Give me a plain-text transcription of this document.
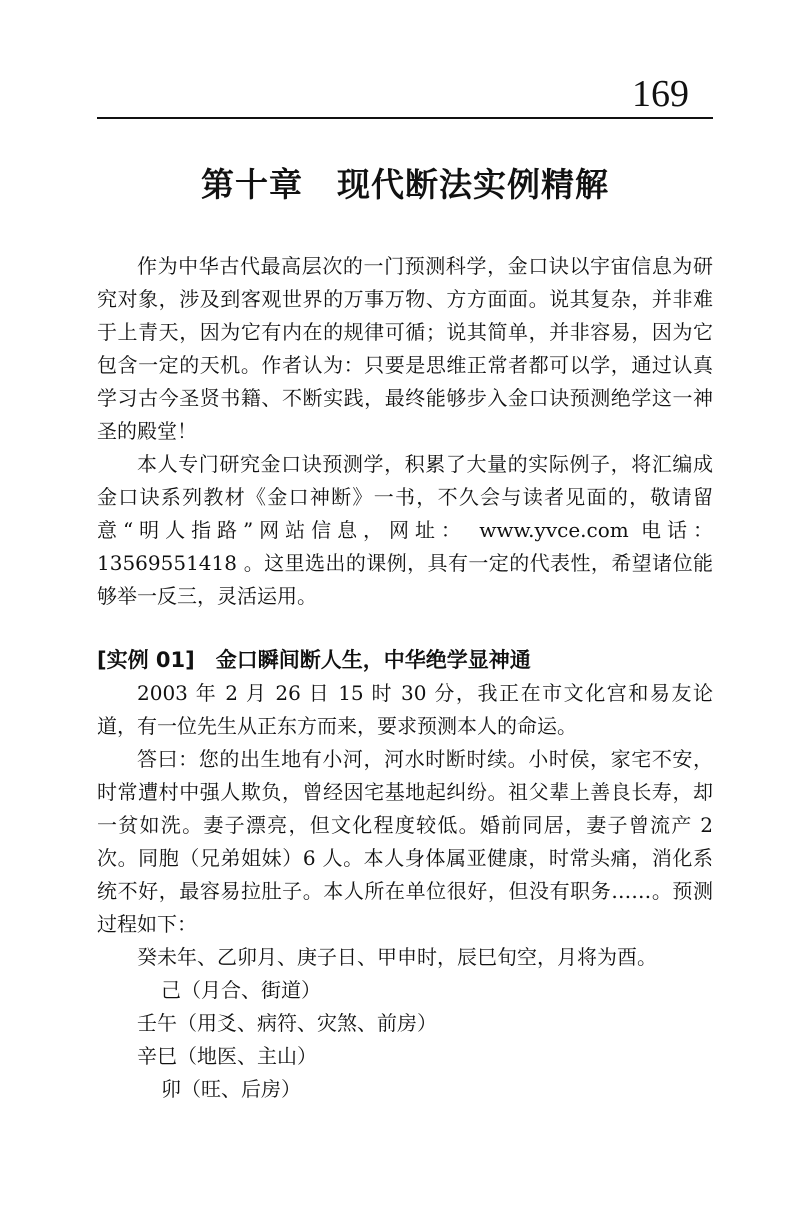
169
第十章　现代断法实例精解

作为中华古代最高层次的一门预测科学，金口诀以宇宙信息为研究对象，涉及到客观世界的万事万物、方方面面。说其复杂，并非难于上青天，因为它有内在的规律可循；说其简单，并非容易，因为它包含一定的天机。作者认为：只要是思维正常者都可以学，通过认真学习古今圣贤书籍、不断实践，最终能够步入金口诀预测绝学这一神圣的殿堂！

本人专门研究金口诀预测学，积累了大量的实际例子，将汇编成金口诀系列教材《金口神断》一书，不久会与读者见面的，敬请留意“明人指路”网站信息，网址： www.yvce.com 电话：13569551418 。这里选出的课例，具有一定的代表性，希望诸位能够举一反三，灵活运用。

[实例 01]　 金口瞬间断人生，中华绝学显神通

2003 年 2 月 26 日 15 时 30 分，我正在市文化宫和易友论道，有一位先生从正东方而来，要求预测本人的命运。

答曰：您的出生地有小河，河水时断时续。小时侯，家宅不安，时常遭村中强人欺负，曾经因宅基地起纠纷。祖父辈上善良长寿，却一贫如洗。妻子漂亮，但文化程度较低。婚前同居，妻子曾流产 2 次。同胞（兄弟姐妹）6 人。本人身体属亚健康，时常头痛，消化系统不好，最容易拉肚子。本人所在单位很好，但没有职务……。预测过程如下：

癸未年、乙卯月、庚子日、甲申时，辰巳旬空，月将为酉。

己（月合、街道）

壬午（用爻、病符、灾煞、前房）

辛巳（地医、主山）

卯（旺、后房）
